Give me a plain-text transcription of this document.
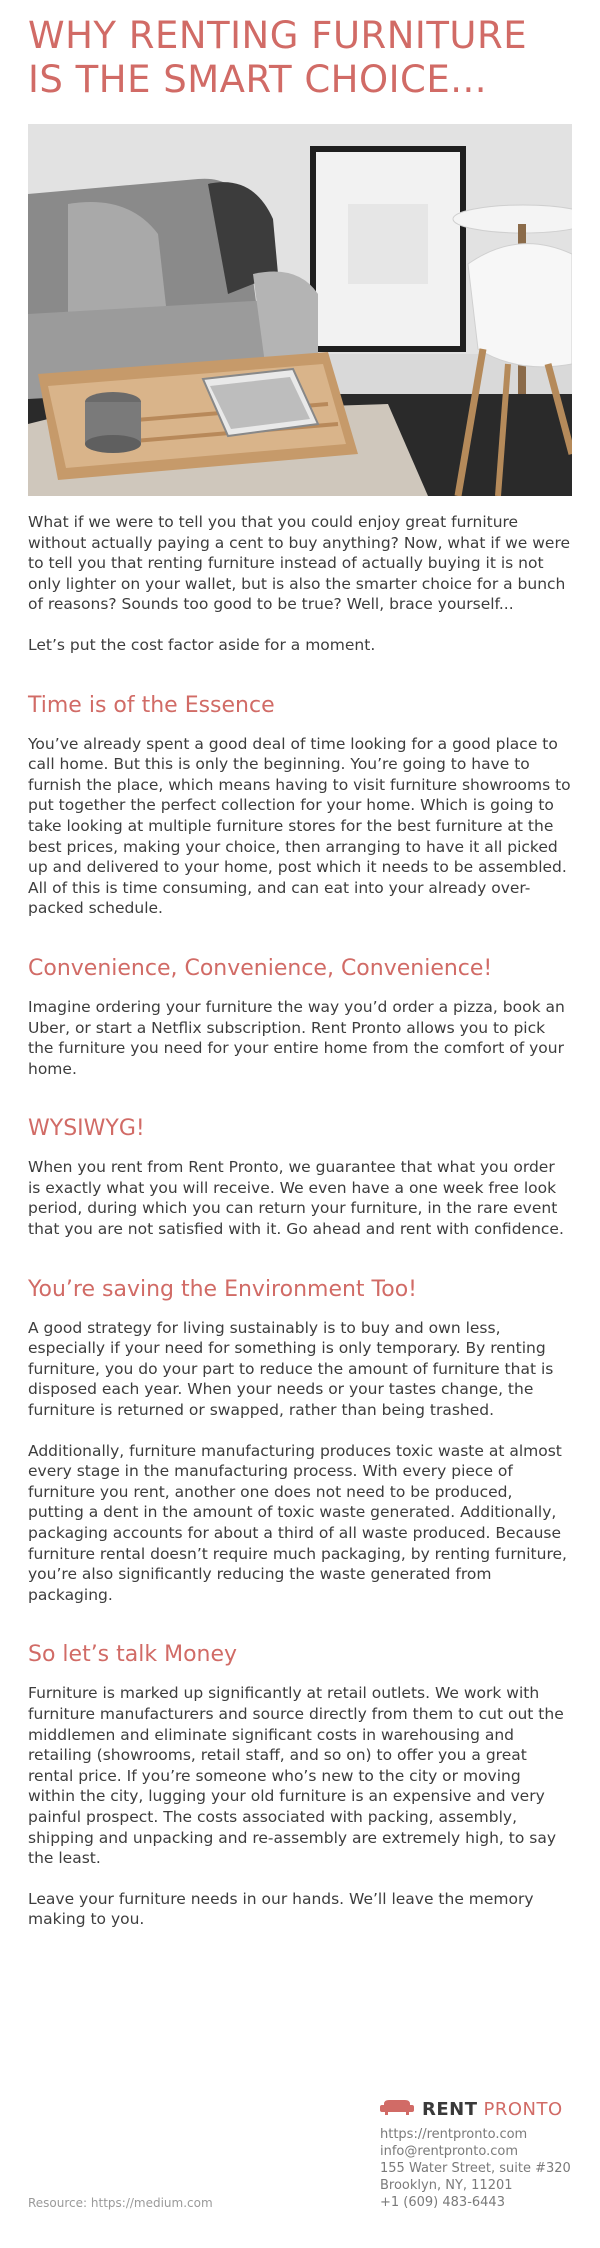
WHY RENTING FURNITURE
IS THE SMART CHOICE...

What if we were to tell you that you could enjoy great furniture without actually paying a cent to buy anything? Now, what if we were to tell you that renting furniture instead of actually buying it is not only lighter on your wallet, but is also the smarter choice for a bunch of reasons? Sounds too good to be true? Well, brace yourself...

Let’s put the cost factor aside for a moment.

Time is of the Essence

You’ve already spent a good deal of time looking for a good place to call home. But this is only the beginning. You’re going to have to furnish the place, which means having to visit furniture showrooms to put together the perfect collection for your home. Which is going to take looking at multiple furniture stores for the best furniture at the best prices, making your choice, then arranging to have it all picked up and delivered to your home, post which it needs to be assembled. All of this is time consuming, and can eat into your already over-packed schedule.

Convenience, Convenience, Convenience!

Imagine ordering your furniture the way you’d order a pizza, book an Uber, or start a Netflix subscription. Rent Pronto allows you to pick the furniture you need for your entire home from the comfort of your home.

WYSIWYG!

When you rent from Rent Pronto, we guarantee that what you order is exactly what you will receive. We even have a one week free look period, during which you can return your furniture, in the rare event that you are not satisfied with it. Go ahead and rent with confidence.

You’re saving the Environment Too!

A good strategy for living sustainably is to buy and own less, especially if your need for something is only temporary. By renting furniture, you do your part to reduce the amount of furniture that is disposed each year. When your needs or your tastes change, the furniture is returned or swapped, rather than being trashed.

Additionally, furniture manufacturing produces toxic waste at almost every stage in the manufacturing process. With every piece of furniture you rent, another one does not need to be produced, putting a dent in the amount of toxic waste generated. Additionally, packaging accounts for about a third of all waste produced. Because furniture rental doesn’t require much packaging, by renting furniture, you’re also significantly reducing the waste generated from packaging.

So let’s talk Money

Furniture is marked up significantly at retail outlets. We work with furniture manufacturers and source directly from them to cut out the middlemen and eliminate significant costs in warehousing and retailing (showrooms, retail staff, and so on) to offer you a great rental price. If you’re someone who’s new to the city or moving within the city, lugging your old furniture is an expensive and very painful prospect. The costs associated with packing, assembly, shipping and unpacking and re-assembly are extremely high, to say the least.

Leave your furniture needs in our hands. We’ll leave the memory making to you.

RENT PRONTO
https://rentpronto.com
info@rentpronto.com
155 Water Street, suite #320
Brooklyn, NY, 11201
+1 (609) 483-6443
Resource: https://medium.com
